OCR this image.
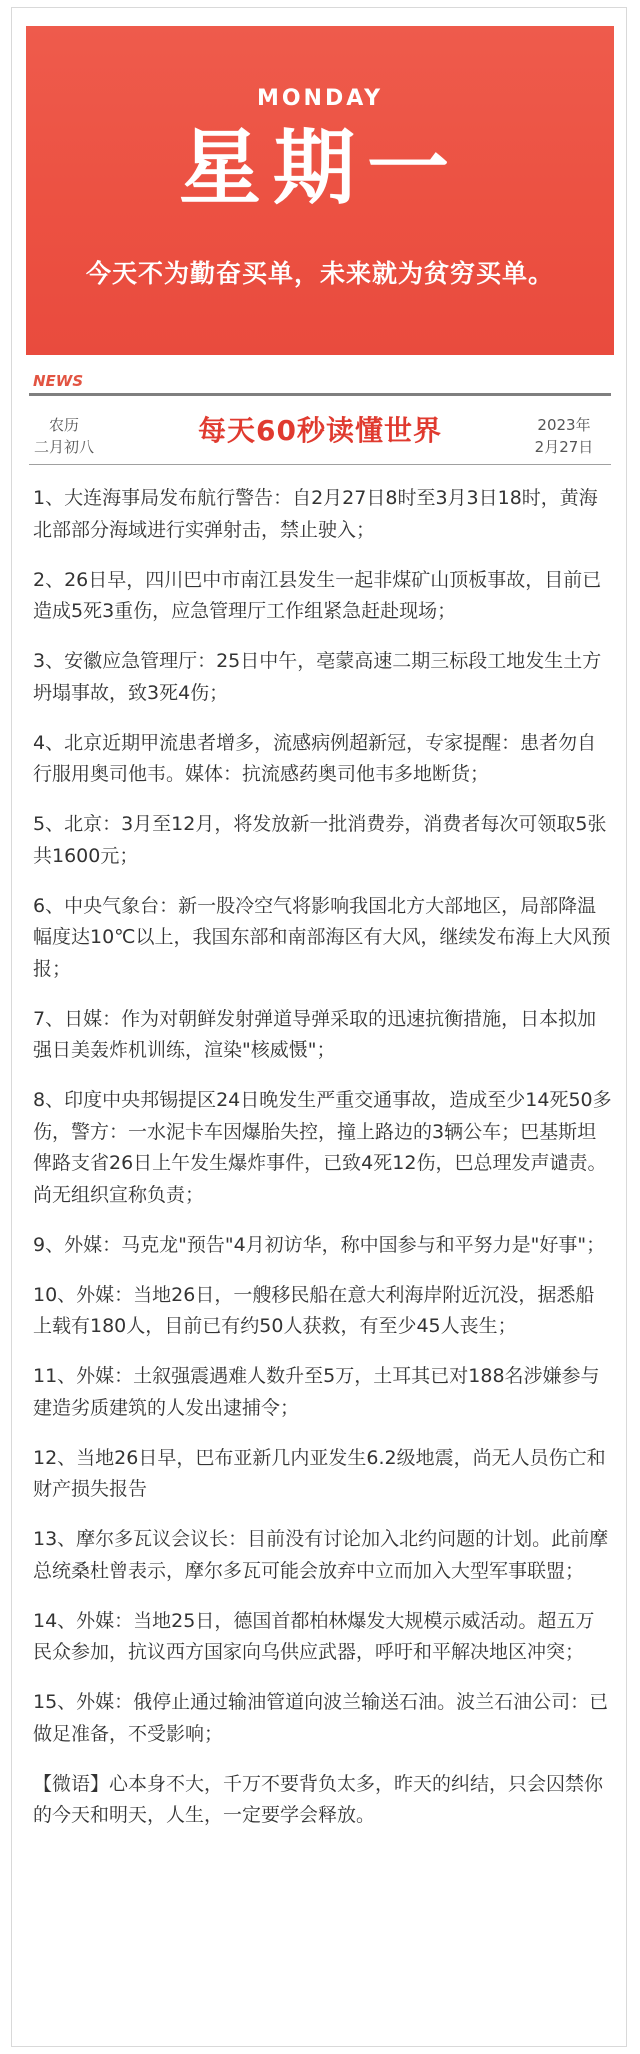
MONDAY
星期一
今天不为勤奋买单，未来就为贫穷买单。
NEWS
农历
二月初八	每天60秒读懂世界	2023年
2月27日
1、大连海事局发布航行警告：自2月27日8时至3月3日18时，黄海北部部分海域进行实弹射击，禁止驶入；
2、26日早，四川巴中市南江县发生一起非煤矿山顶板事故，目前已造成5死3重伤，应急管理厅工作组紧急赶赴现场；
3、安徽应急管理厅：25日中午，亳蒙高速二期三标段工地发生土方坍塌事故，致3死4伤；
4、北京近期甲流患者增多，流感病例超新冠，专家提醒：患者勿自行服用奥司他韦。媒体：抗流感药奥司他韦多地断货；
5、北京：3月至12月，将发放新一批消费券，消费者每次可领取5张共1600元；
6、中央气象台：新一股冷空气将影响我国北方大部地区，局部降温幅度达10℃以上，我国东部和南部海区有大风，继续发布海上大风预报；
7、日媒：作为对朝鲜发射弹道导弹采取的迅速抗衡措施，日本拟加强日美轰炸机训练，渲染"核威慑"；
8、印度中央邦锡提区24日晚发生严重交通事故，造成至少14死50多伤，警方：一水泥卡车因爆胎失控，撞上路边的3辆公车；巴基斯坦俾路支省26日上午发生爆炸事件，已致4死12伤，巴总理发声谴责。尚无组织宣称负责；
9、外媒：马克龙"预告"4月初访华，称中国参与和平努力是"好事"；
10、外媒：当地26日，一艘移民船在意大利海岸附近沉没，据悉船上载有180人，目前已有约50人获救，有至少45人丧生；
11、外媒：土叙强震遇难人数升至5万，土耳其已对188名涉嫌参与建造劣质建筑的人发出逮捕令；
12、当地26日早，巴布亚新几内亚发生6.2级地震，尚无人员伤亡和财产损失报告
13、摩尔多瓦议会议长：目前没有讨论加入北约问题的计划。此前摩总统桑杜曾表示，摩尔多瓦可能会放弃中立而加入大型军事联盟；
14、外媒：当地25日，德国首都柏林爆发大规模示威活动。超五万民众参加，抗议西方国家向乌供应武器，呼吁和平解决地区冲突；
15、外媒：俄停止通过输油管道向波兰输送石油。波兰石油公司：已做足准备，不受影响；
【微语】心本身不大，千万不要背负太多，昨天的纠结，只会囚禁你的今天和明天，人生，一定要学会释放。
